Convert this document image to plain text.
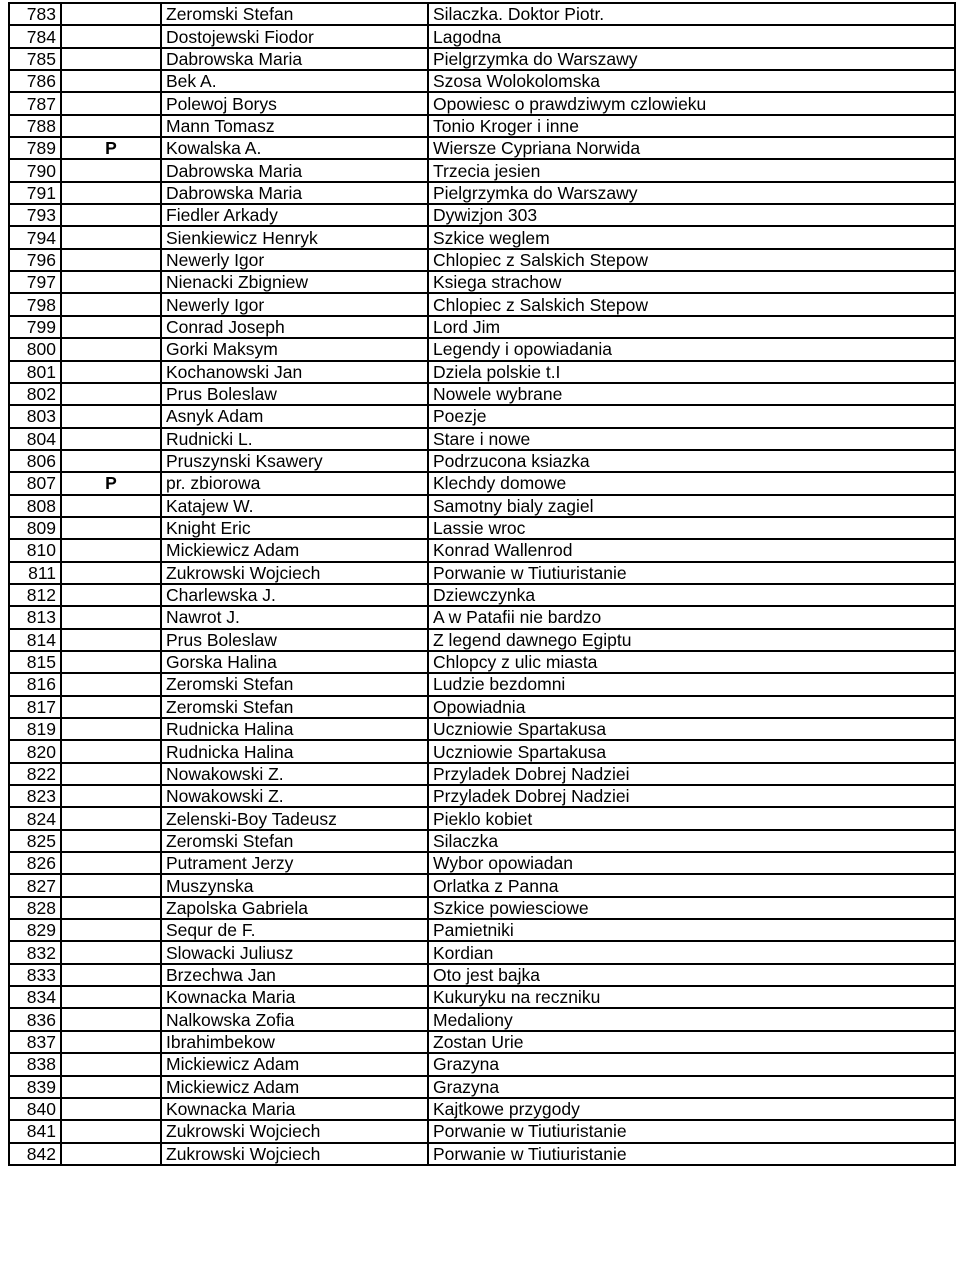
783		Zeromski Stefan	Silaczka. Doktor Piotr.
784		Dostojewski Fiodor	Lagodna
785		Dabrowska Maria	Pielgrzymka do Warszawy
786		Bek A.	Szosa Wolokolomska
787		Polewoj Borys	Opowiesc o prawdziwym czlowieku
788		Mann Tomasz	Tonio Kroger i inne
789	P	Kowalska A.	Wiersze Cypriana Norwida
790		Dabrowska Maria	Trzecia jesien
791		Dabrowska Maria	Pielgrzymka do Warszawy
793		Fiedler Arkady	Dywizjon 303
794		Sienkiewicz Henryk	Szkice weglem
796		Newerly Igor	Chlopiec z Salskich Stepow
797		Nienacki Zbigniew	Ksiega strachow
798		Newerly Igor	Chlopiec z Salskich Stepow
799		Conrad Joseph	Lord Jim
800		Gorki Maksym	Legendy i opowiadania
801		Kochanowski Jan	Dziela polskie t.I
802		Prus Boleslaw	Nowele wybrane
803		Asnyk Adam	Poezje
804		Rudnicki L.	Stare i nowe
806		Pruszynski Ksawery	Podrzucona ksiazka
807	P	pr. zbiorowa	Klechdy domowe
808		Katajew W.	Samotny bialy zagiel
809		Knight Eric	Lassie wroc
810		Mickiewicz Adam	Konrad Wallenrod
811		Zukrowski Wojciech	Porwanie w Tiutiuristanie
812		Charlewska J.	Dziewczynka
813		Nawrot J.	A w Patafii nie bardzo
814		Prus Boleslaw	Z legend dawnego Egiptu
815		Gorska Halina	Chlopcy z ulic miasta
816		Zeromski Stefan	Ludzie bezdomni
817		Zeromski Stefan	Opowiadnia
819		Rudnicka Halina	Uczniowie Spartakusa
820		Rudnicka Halina	Uczniowie Spartakusa
822		Nowakowski Z.	Przyladek Dobrej Nadziei
823		Nowakowski Z.	Przyladek Dobrej Nadziei
824		Zelenski-Boy Tadeusz	Pieklo kobiet
825		Zeromski Stefan	Silaczka
826		Putrament Jerzy	Wybor opowiadan
827		Muszynska	Orlatka z Panna
828		Zapolska Gabriela	Szkice powiesciowe
829		Sequr de F.	Pamietniki
832		Slowacki Juliusz	Kordian
833		Brzechwa Jan	Oto jest bajka
834		Kownacka Maria	Kukuryku na reczniku
836		Nalkowska Zofia	Medaliony
837		Ibrahimbekow	Zostan Urie
838		Mickiewicz Adam	Grazyna
839		Mickiewicz Adam	Grazyna
840		Kownacka Maria	Kajtkowe przygody
841		Zukrowski Wojciech	Porwanie w Tiutiuristanie
842		Zukrowski Wojciech	Porwanie w Tiutiuristanie
